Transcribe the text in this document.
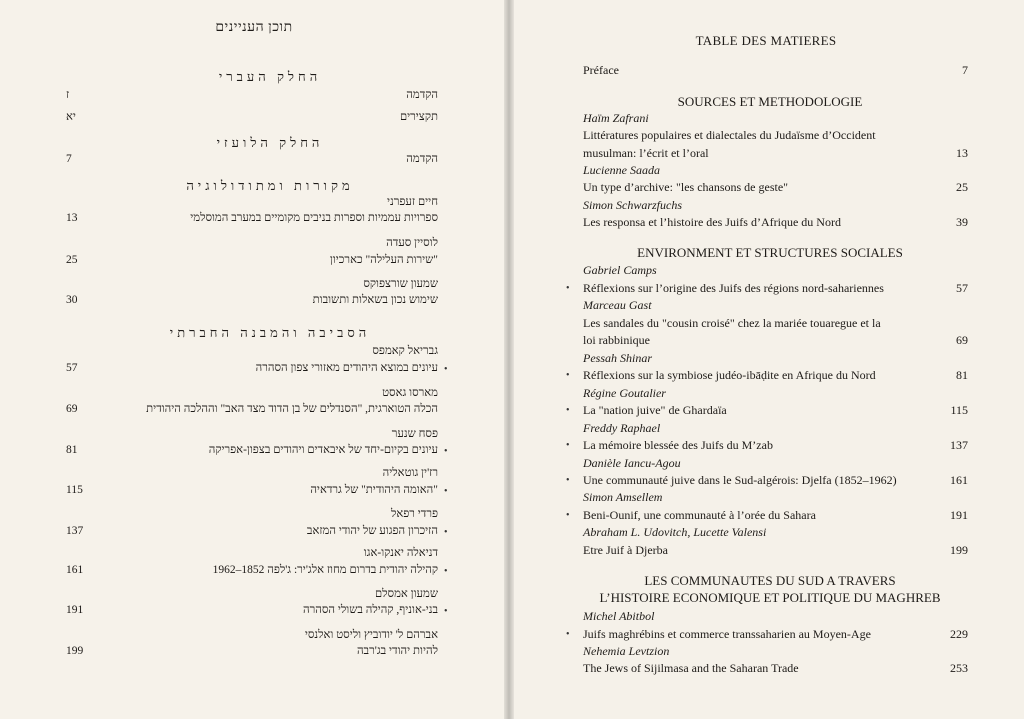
תוכן העניינים
החלק העברי
ז	הקדמה
יא	תקצירים
החלק הלועזי
7	הקדמה
מקורות ומתודולוגיה
חיים זעפרני
13	ספרויות עממיות וספרות בניבים מקומיים במערב המוסלמי
לוסיין סעדה
25	"שירות העלילה" כארכיון
שמעון שורצפוקס
30	שימוש נכון בשאלות ותשובות
הסביבה והמבנה החברתי
גבריאל קאמפס
57	עיונים במוצא היהודים מאזורי צפון הסהרה •
מארסו גאסט
69	הכלה הטוארגית, "הסנדלים של בן הדוד מצד האב" וההלכה היהודית
פסח שנער
81	עיונים בקיום-יחד של איבאדים ויהודים בצפון-אפריקה •
רז'ין גוטאליה
115	"האומה היהודית" של גרדאיה •
פרדי רפאל
137	הזיכרון הפגוע של יהודי המזאב •
דניאלה יאנקו-אגו
161	קהילה יהודית בדרום מחוז אלג'יר: ג'לפה 1852–1962 •
שמעון אמסלם
191	בני-אוניף, קהילה בשולי הסהרה •
אברהם ל' יודוביץ וליסט ואלנסי
199	להיות יהודי בג'רבה
TABLE DES MATIERES
Préface	7
SOURCES ET METHODOLOGIE
Haïm Zafrani
Littératures populaires et dialectales du Judaïsme d’Occident
musulman: l’écrit et l’oral	13
Lucienne Saada
Un type d’archive: "les chansons de geste"	25
Simon Schwarzfuchs
Les responsa et l’histoire des Juifs d’Afrique du Nord	39
ENVIRONMENT ET STRUCTURES SOCIALES
Gabriel Camps
• Réflexions sur l’origine des Juifs des régions nord-sahariennes	57
Marceau Gast
Les sandales du "cousin croisé" chez la mariée touaregue et la
loi rabbinique	69
Pessah Shinar
• Réflexions sur la symbiose judéo-ibāḍite en Afrique du Nord	81
Régine Goutalier
• La "nation juive" de Ghardaïa	115
Freddy Raphael
• La mémoire blessée des Juifs du M’zab	137
Danièle Iancu-Agou
• Une communauté juive dans le Sud-algérois: Djelfa (1852–1962)	161
Simon Amsellem
• Beni-Ounif, une communauté à l’orée du Sahara	191
Abraham L. Udovitch, Lucette Valensi
Etre Juif à Djerba	199
LES COMMUNAUTES DU SUD A TRAVERS
L’HISTOIRE ECONOMIQUE ET POLITIQUE DU MAGHREB
Michel Abitbol
• Juifs maghrébins et commerce transsaharien au Moyen-Age	229
Nehemia Levtzion
The Jews of Sijilmasa and the Saharan Trade	253
